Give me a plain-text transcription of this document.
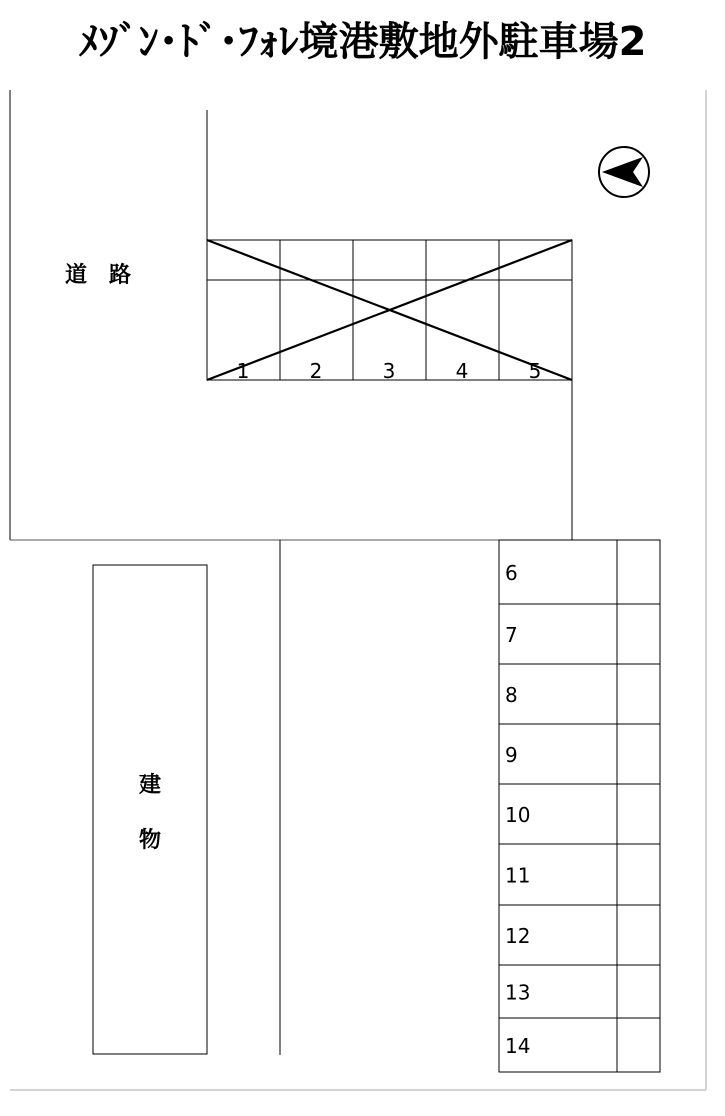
ﾒｿﾞﾝ･ﾄﾞ･ﾌｫﾚ境港敷地外駐車場2
道　路
1	2	3	4	5
建
物
6
7
8
9
10
11
12
13
14
